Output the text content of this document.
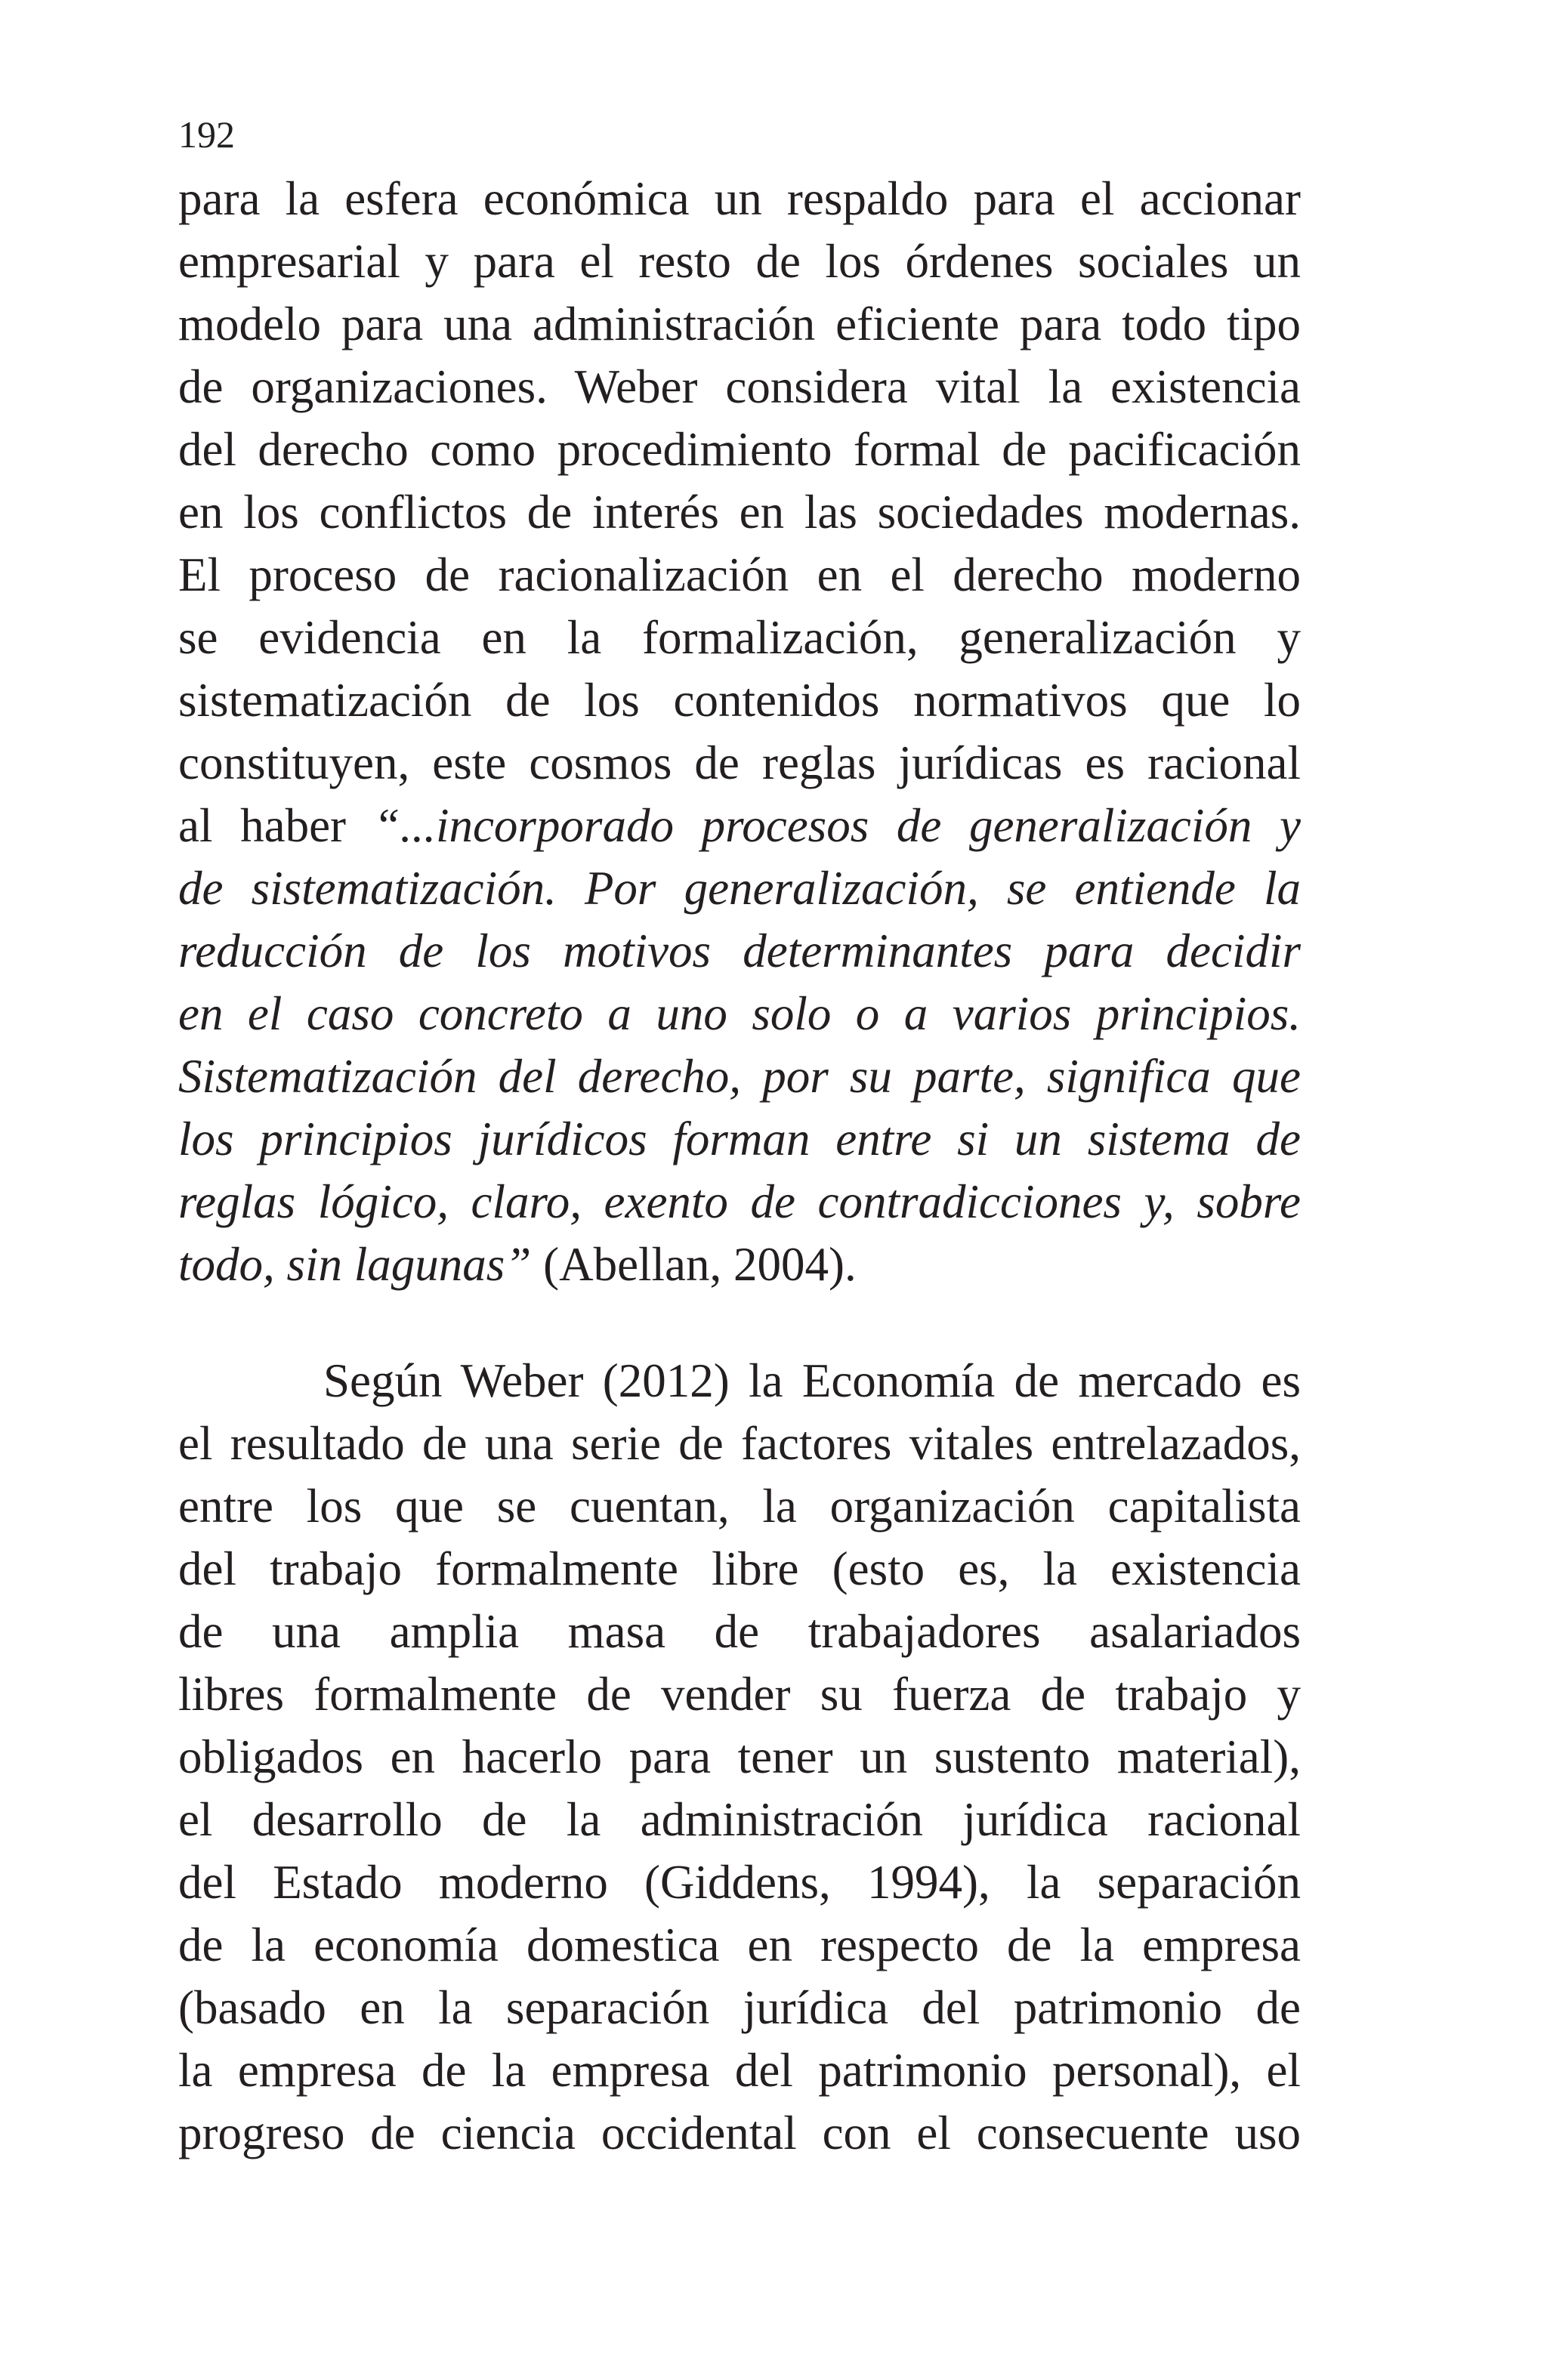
192
para la esfera económica un respaldo para el accionar
empresarial y para el resto de los órdenes sociales un
modelo para una administración eficiente para todo tipo
de organizaciones. Weber considera vital la existencia
del derecho como procedimiento formal de pacificación
en los conflictos de interés en las sociedades modernas.
El proceso de racionalización en el derecho moderno
se evidencia en la formalización, generalización y
sistematización de los contenidos normativos que lo
constituyen, este cosmos de reglas jurídicas es racional
al haber “...incorporado procesos de generalización y
de sistematización. Por generalización, se entiende la
reducción de los motivos determinantes para decidir
en el caso concreto a uno solo o a varios principios.
Sistematización del derecho, por su parte, significa que
los principios jurídicos forman entre si un sistema de
reglas lógico, claro, exento de contradicciones y, sobre
todo, sin lagunas” (Abellan, 2004).
Según Weber (2012) la Economía de mercado es
el resultado de una serie de factores vitales entrelazados,
entre los que se cuentan, la organización capitalista
del trabajo formalmente libre (esto es, la existencia
de una amplia masa de trabajadores asalariados
libres formalmente de vender su fuerza de trabajo y
obligados en hacerlo para tener un sustento material),
el desarrollo de la administración jurídica racional
del Estado moderno (Giddens, 1994), la separación
de la economía domestica en respecto de la empresa
(basado en la separación jurídica del patrimonio de
la empresa de la empresa del patrimonio personal), el
progreso de ciencia occidental con el consecuente uso
